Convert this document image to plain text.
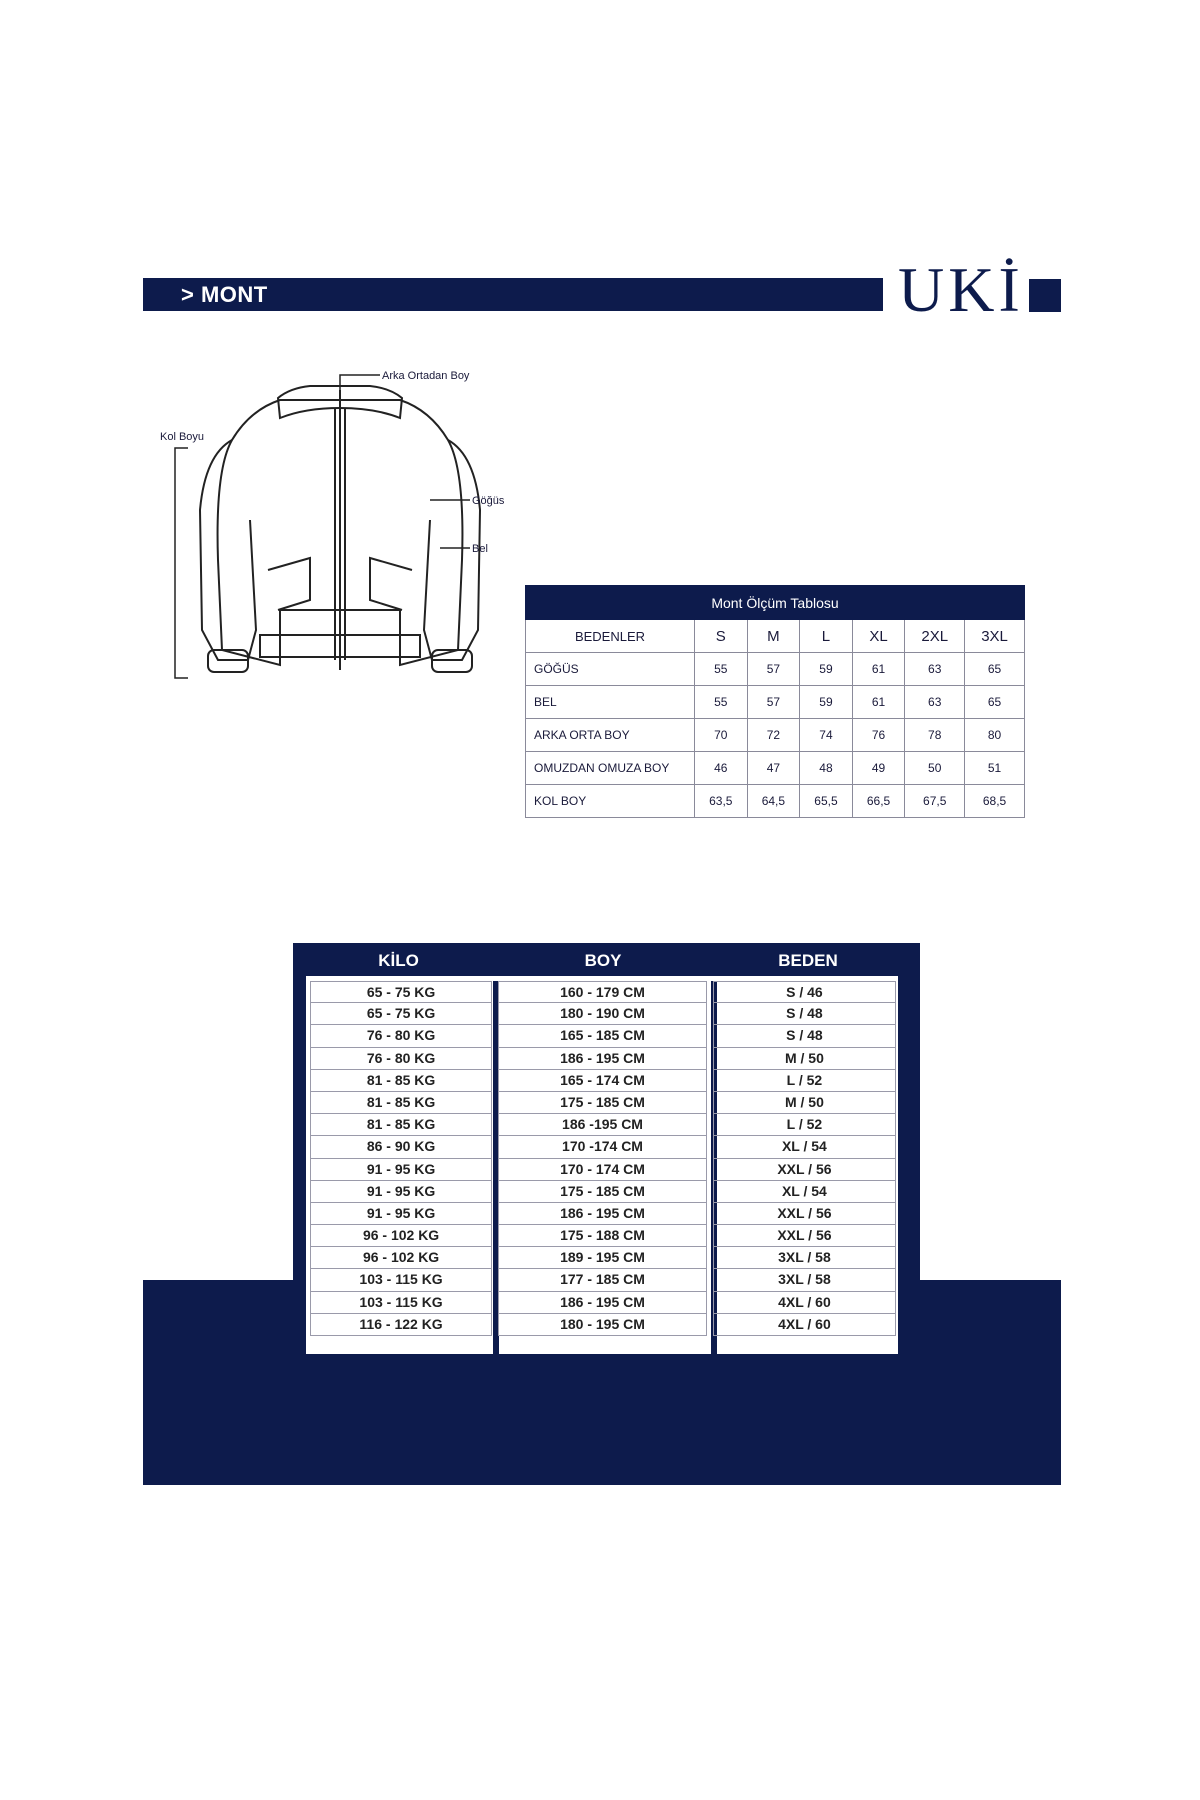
> MONT	UKİ
Arka Ortadan Boy
Kol Boyu
Göğüs
Bel
Mont Ölçüm Tablosu						
BEDENLER	S	M	L	XL	2XL	3XL
GÖĞÜS	55	57	59	61	63	65
BEL	55	57	59	61	63	65
ARKA ORTA BOY	70	72	74	76	78	80
OMUZDAN OMUZA BOY	46	47	48	49	50	51
KOL BOY	63,5	64,5	65,5	66,5	67,5	68,5
KİLO	BOY	BEDEN
65 - 75 KG	160 - 179 CM	S / 46
65 - 75 KG	180 - 190 CM	S / 48
76 - 80 KG	165 - 185 CM	S / 48
76 - 80 KG	186 - 195 CM	M / 50
81 - 85 KG	165 - 174 CM	L / 52
81 - 85 KG	175 - 185 CM	M / 50
81 - 85 KG	186 -195 CM	L / 52
86 - 90 KG	170 -174 CM	XL / 54
91 - 95 KG	170 - 174 CM	XXL / 56
91 - 95 KG	175 - 185 CM	XL / 54
91 - 95 KG	186 - 195 CM	XXL / 56
96 - 102 KG	175 - 188 CM	XXL / 56
96 - 102 KG	189 - 195 CM	3XL / 58
103 - 115 KG	177 - 185 CM	3XL / 58
103 - 115 KG	186 - 195 CM	4XL / 60
116 - 122 KG	180 - 195 CM	4XL / 60
